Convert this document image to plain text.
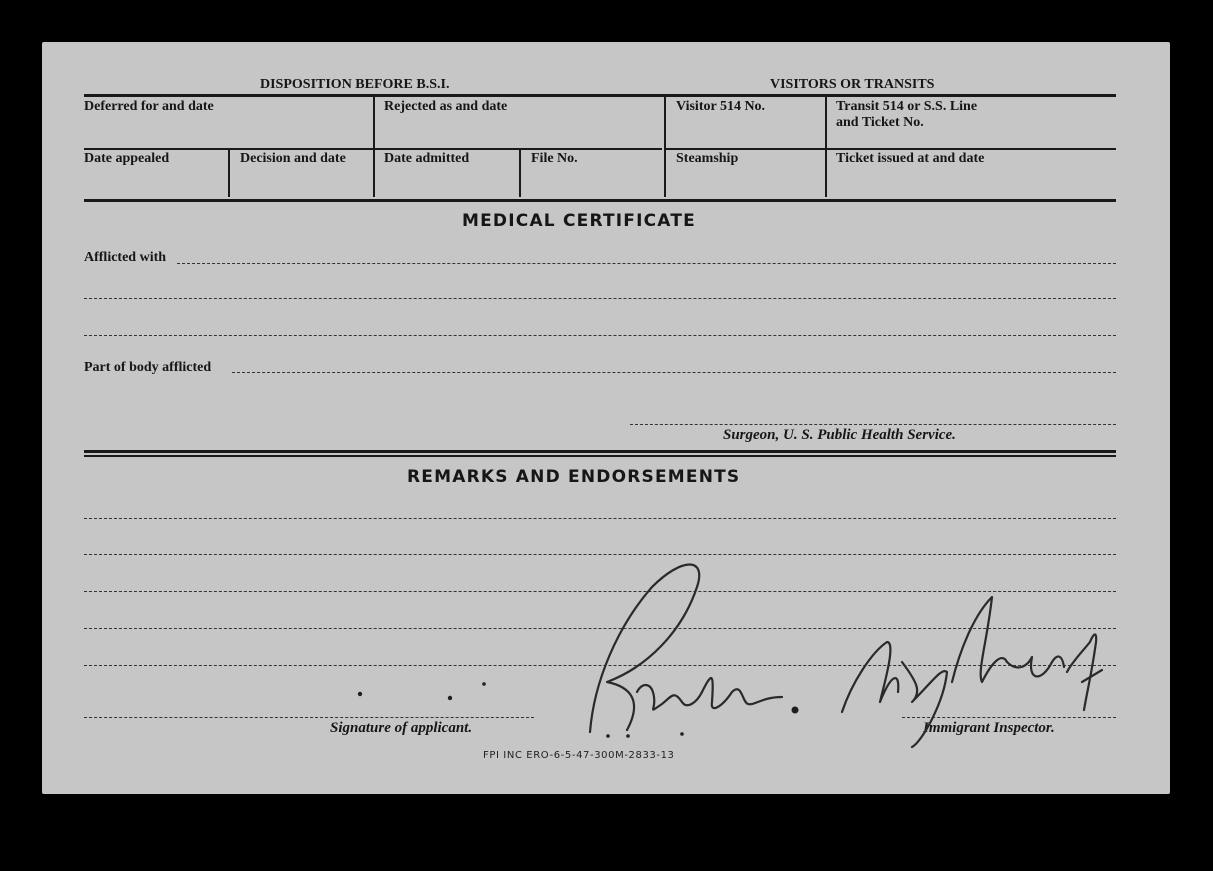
DISPOSITION BEFORE B.S.I.	VISITORS OR TRANSITS
Deferred for and date	Rejected as and date	Visitor 514 No.	Transit 514 or S.S. Line
and Ticket No.
Date appealed	Decision and date	Date admitted	File No.	Steamship	Ticket issued at and date
MEDICAL CERTIFICATE
Afflicted with
Part of body afflicted
Surgeon, U. S. Public Health Service.
REMARKS AND ENDORSEMENTS
Signature of applicant.	Immigrant Inspector.
FPI INC ERO-6-5-47-300M-2833-13
